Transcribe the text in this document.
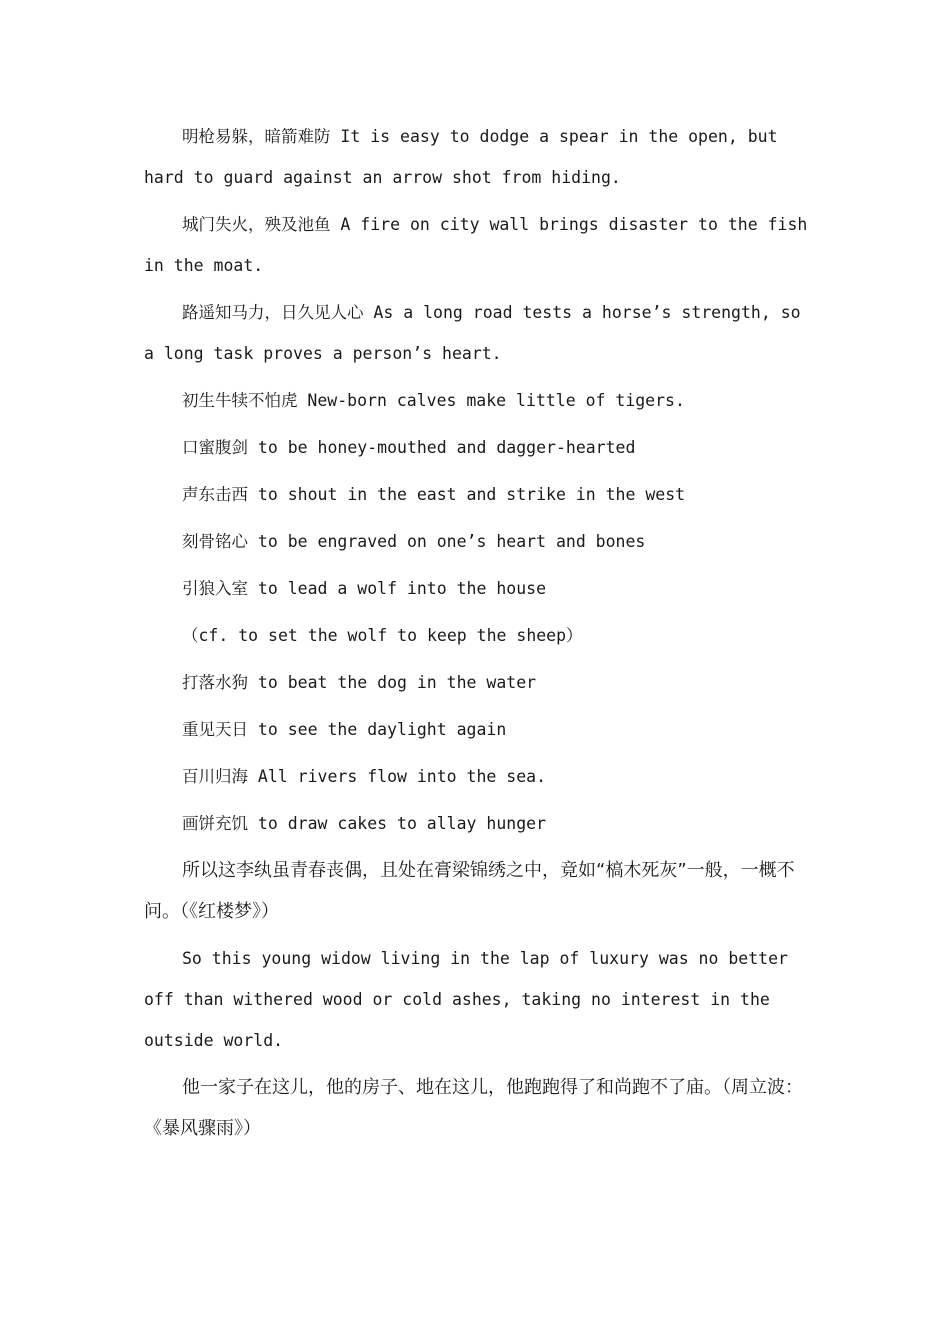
明枪易躲，暗箭难防 It is easy to dodge a spear in the open, but hard to guard against an arrow shot from hiding.

城门失火，殃及池鱼 A fire on city wall brings disaster to the fish in the moat.

路遥知马力，日久见人心 As a long road tests a horse’s strength, so a long task proves a person’s heart.

初生牛犊不怕虎 New-born calves make little of tigers.

口蜜腹剑 to be honey-mouthed and dagger-hearted

声东击西 to shout in the east and strike in the west

刻骨铭心 to be engraved on one’s heart and bones

引狼入室 to lead a wolf into the house

（cf. to set the wolf to keep the sheep）

打落水狗 to beat the dog in the water

重见天日 to see the daylight again

百川归海 All rivers flow into the sea.

画饼充饥 to draw cakes to allay hunger

所以这李纨虽青春丧偶，且处在膏梁锦绣之中，竟如“槁木死灰”一般，一概不问。（《红楼梦》）

So this young widow living in the lap of luxury was no better off than withered wood or cold ashes, taking no interest in the outside world.

他一家子在这儿，他的房子、地在这儿，他跑跑得了和尚跑不了庙。（周立波：《暴风骤雨》）
